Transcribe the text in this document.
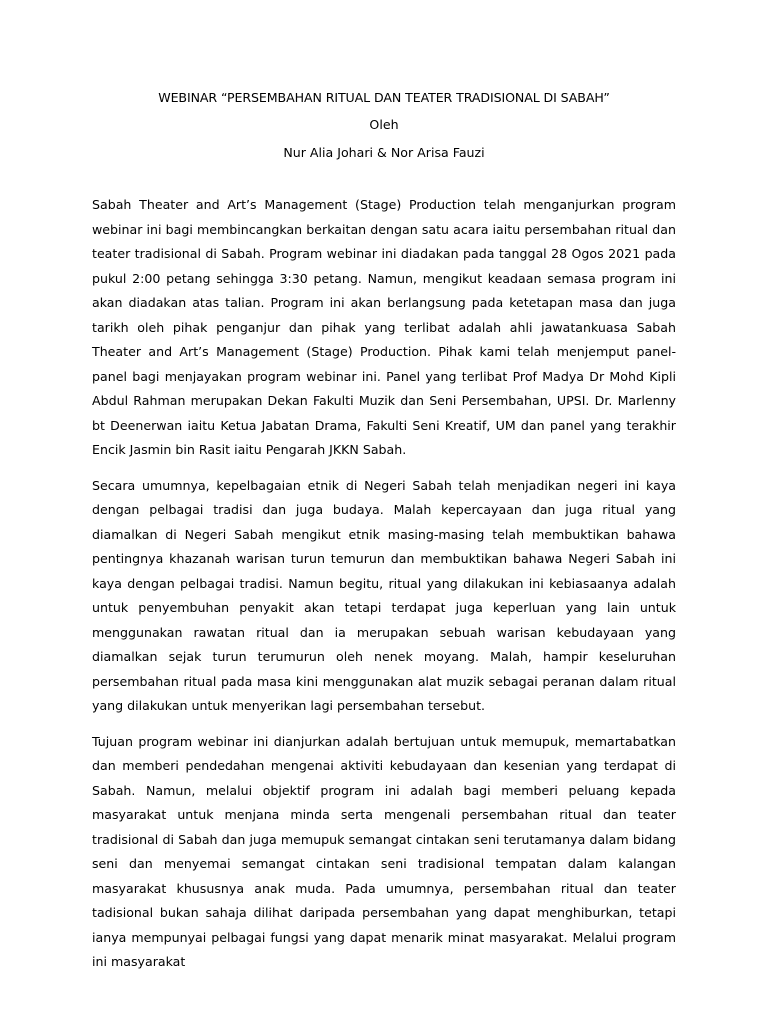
WEBINAR “PERSEMBAHAN RITUAL DAN TEATER TRADISIONAL DI SABAH”
Oleh
Nur Alia Johari & Nor Arisa Fauzi

Sabah Theater and Art’s Management (Stage) Production telah menganjurkan program webinar ini bagi membincangkan berkaitan dengan satu acara iaitu persembahan ritual dan teater tradisional di Sabah. Program webinar ini diadakan pada tanggal 28 Ogos 2021 pada pukul 2:00 petang sehingga 3:30 petang. Namun, mengikut keadaan semasa program ini akan diadakan atas talian. Program ini akan berlangsung pada ketetapan masa dan juga tarikh oleh pihak penganjur dan pihak yang terlibat adalah ahli jawatankuasa Sabah Theater and Art’s Management (Stage) Production. Pihak kami telah menjemput panel-panel bagi menjayakan program webinar ini. Panel yang terlibat Prof Madya Dr Mohd Kipli Abdul Rahman merupakan Dekan Fakulti Muzik dan Seni Persembahan, UPSI. Dr. Marlenny bt Deenerwan iaitu Ketua Jabatan Drama, Fakulti Seni Kreatif, UM dan panel yang terakhir Encik Jasmin bin Rasit iaitu Pengarah JKKN Sabah.

Secara umumnya, kepelbagaian etnik di Negeri Sabah telah menjadikan negeri ini kaya dengan pelbagai tradisi dan juga budaya. Malah kepercayaan dan juga ritual yang diamalkan di Negeri Sabah mengikut etnik masing-masing telah membuktikan bahawa pentingnya khazanah warisan turun temurun dan membuktikan bahawa Negeri Sabah ini kaya dengan pelbagai tradisi. Namun begitu, ritual yang dilakukan ini kebiasaanya adalah untuk penyembuhan penyakit akan tetapi terdapat juga keperluan yang lain untuk menggunakan rawatan ritual dan ia merupakan sebuah warisan kebudayaan yang diamalkan sejak turun terumurun oleh nenek moyang. Malah, hampir keseluruhan persembahan ritual pada masa kini menggunakan alat muzik sebagai peranan dalam ritual yang dilakukan untuk menyerikan lagi persembahan tersebut.

Tujuan program webinar ini dianjurkan adalah bertujuan untuk memupuk, memartabatkan dan memberi pendedahan mengenai aktiviti kebudayaan dan kesenian yang terdapat di Sabah. Namun, melalui objektif program ini adalah bagi memberi peluang kepada masyarakat untuk menjana minda serta mengenali persembahan ritual dan teater tradisional di Sabah dan juga memupuk semangat cintakan seni terutamanya dalam bidang seni dan menyemai semangat cintakan seni tradisional tempatan dalam kalangan masyarakat khususnya anak muda. Pada umumnya, persembahan ritual dan teater tadisional bukan sahaja dilihat daripada persembahan yang dapat menghiburkan, tetapi ianya mempunyai pelbagai fungsi yang dapat menarik minat masyarakat. Melalui program ini masyarakat
